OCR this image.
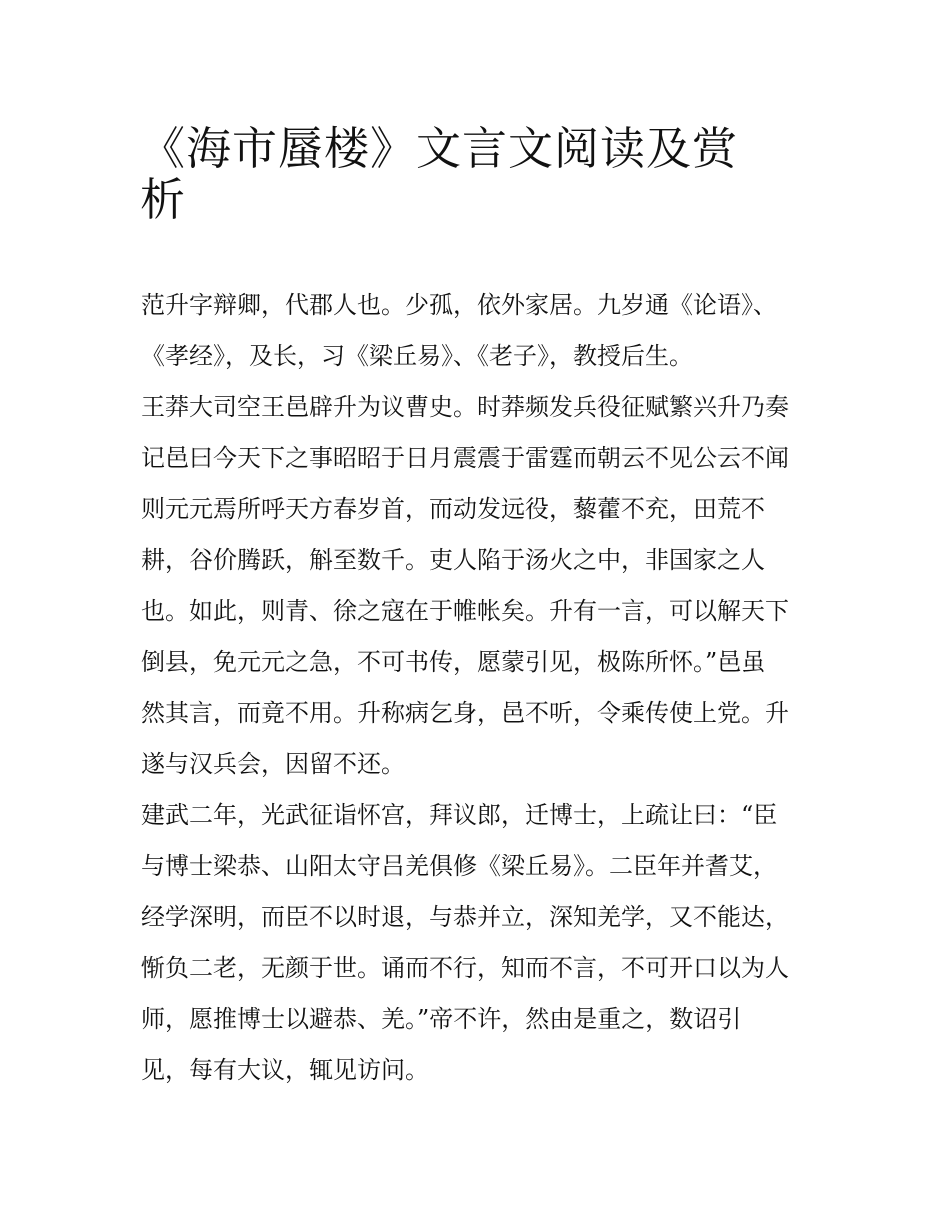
《海市蜃楼》文言文阅读及赏
析
范升字辩卿，代郡人也。少孤，依外家居。九岁通《论语》、
《孝经》，及长，习《梁丘易》、《老子》，教授后生。
王莽大司空王邑辟升为议曹史。时莽频发兵役征赋繁兴升乃奏
记邑曰今天下之事昭昭于日月震震于雷霆而朝云不见公云不闻
则元元焉所呼天方春岁首，而动发远役，藜藿不充，田荒不
耕，谷价腾跃，斛至数千。吏人陷于汤火之中，非国家之人
也。如此，则青、徐之寇在于帷帐矣。升有一言，可以解天下
倒县，免元元之急，不可书传，愿蒙引见，极陈所怀。”邑虽
然其言，而竟不用。升称病乞身，邑不听，令乘传使上党。升
遂与汉兵会，因留不还。
建武二年，光武征诣怀宫，拜议郎，迁博士，上疏让曰：“臣
与博士梁恭、山阳太守吕羌俱修《梁丘易》。二臣年并耆艾，
经学深明，而臣不以时退，与恭并立，深知羌学，又不能达，
惭负二老，无颜于世。诵而不行，知而不言，不可开口以为人
师，愿推博士以避恭、羌。”帝不许，然由是重之，数诏引
见，每有大议，辄见访问。
